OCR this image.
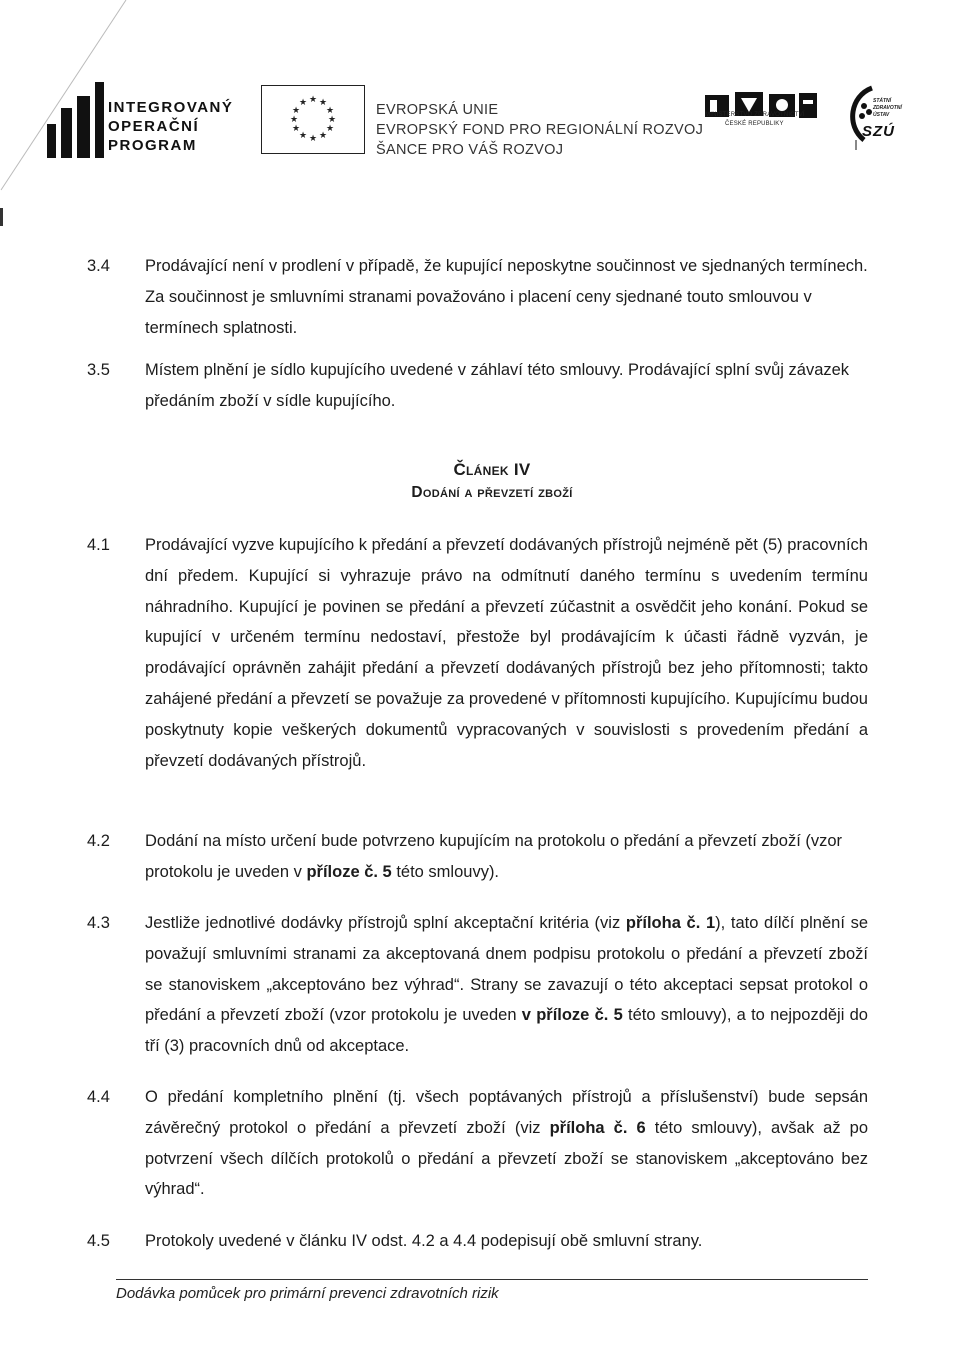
INTEGROVANÝ
OPERAČNÍ
PROGRAM
★ ★
★
★
★
★
★
★
★
★
★
★	EVROPSKÁ UNIE
EVROPSKÝ FOND PRO REGIONÁLNÍ ROZVOJ
ŠANCE PRO VÁŠ ROZVOJ
MINISTERSTVO ZDRAVOTNICTVÍ
ČESKÉ REPUBLIKY
STÁTNÍ
ZDRAVOTNÍ
ÚSTAV
SZÚ
3.4 Prodávající není v prodlení v případě, že kupující neposkytne součinnost ve sjednaných termínech. Za součinnost je smluvními stranami považováno i placení ceny sjednané touto smlouvou v termínech splatnosti.
3.5 Místem plnění je sídlo kupujícího uvedené v záhlaví této smlouvy. Prodávající splní svůj závazek předáním zboží v sídle kupujícího.
Článek IV
Dodání a převzetí zboží
4.1 Prodávající vyzve kupujícího k předání a převzetí dodávaných přístrojů nejméně pět (5) pracovních dní předem. Kupující si vyhrazuje právo na odmítnutí daného termínu s uvedením termínu náhradního. Kupující je povinen se předání a převzetí zúčastnit a osvědčit jeho konání. Pokud se kupující v určeném termínu nedostaví, přestože byl prodávajícím k účasti řádně vyzván, je prodávající oprávněn zahájit předání a převzetí dodávaných přístrojů bez jeho přítomnosti; takto zahájené předání a převzetí se považuje za provedené v přítomnosti kupujícího. Kupujícímu budou poskytnuty kopie veškerých dokumentů vypracovaných v souvislosti s provedením předání a převzetí dodávaných přístrojů.
4.2 Dodání na místo určení bude potvrzeno kupujícím na protokolu o předání a převzetí zboží (vzor protokolu je uveden v příloze č. 5 této smlouvy).
4.3 Jestliže jednotlivé dodávky přístrojů splní akceptační kritéria (viz příloha č. 1), tato dílčí plnění se považují smluvními stranami za akceptovaná dnem podpisu protokolu o předání a převzetí zboží se stanoviskem „akceptováno bez výhrad“. Strany se zavazují o této akceptaci sepsat protokol o předání a převzetí zboží (vzor protokolu je uveden v příloze č. 5 této smlouvy), a to nejpozději do tří (3) pracovních dnů od akceptace.
4.4 O předání kompletního plnění (tj. všech poptávaných přístrojů a příslušenství) bude sepsán závěrečný protokol o předání a převzetí zboží (viz příloha č. 6 této smlouvy), avšak až po potvrzení všech dílčích protokolů o předání a převzetí zboží se stanoviskem „akceptováno bez výhrad“.
4.5 Protokoly uvedené v článku IV odst. 4.2 a 4.4 podepisují obě smluvní strany.
Dodávka pomůcek pro primární prevenci zdravotních rizik
